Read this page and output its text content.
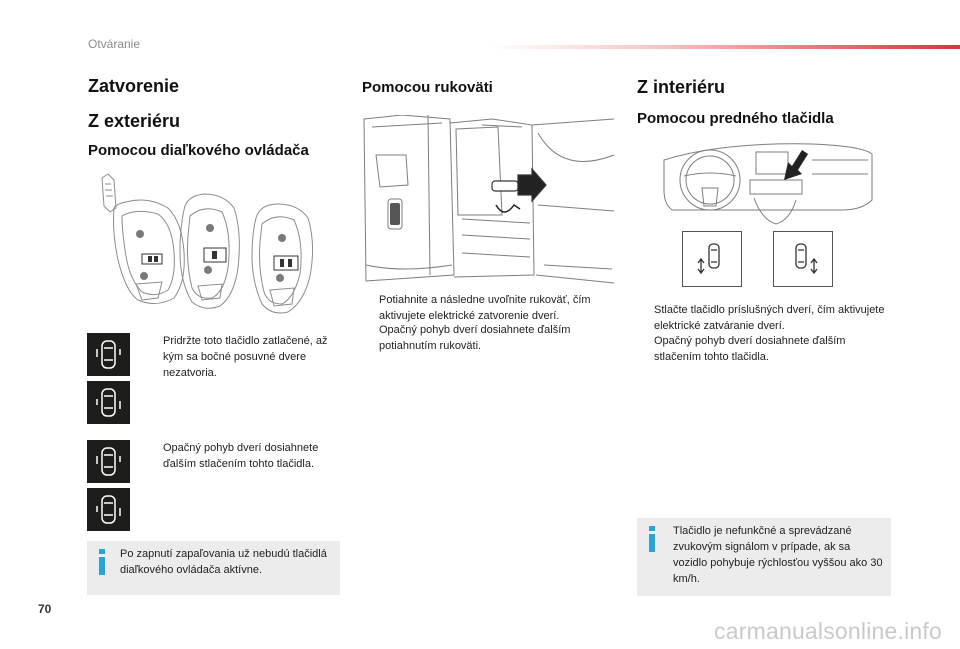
Otváranie
Zatvorenie
Z exteriéru
Pomocou diaľkového ovládača
Pridržte toto tlačidlo zatlačené, až kým sa bočné posuvné dvere nezatvoria.
Opačný pohyb dverí dosiahnete ďalším stlačením tohto tlačidla.
Po zapnutí zapaľovania už nebudú tlačidlá diaľkového ovládača aktívne.
Pomocou rukoväti
Potiahnite a následne uvoľnite rukoväť, čím aktivujete elektrické zatvorenie dverí.
Opačný pohyb dverí dosiahnete ďalším potiahnutím rukoväti.
Z interiéru
Pomocou predného tlačidla
Stlačte tlačidlo príslušných dverí, čím aktivujete elektrické zatváranie dverí.
Opačný pohyb dverí dosiahnete ďalším stlačením tohto tlačidla.
Tlačidlo je nefunkčné a sprevádzané zvukovým signálom v prípade, ak sa vozidlo pohybuje rýchlosťou vyššou ako 30 km/h.
70
carmanualsonline.info
